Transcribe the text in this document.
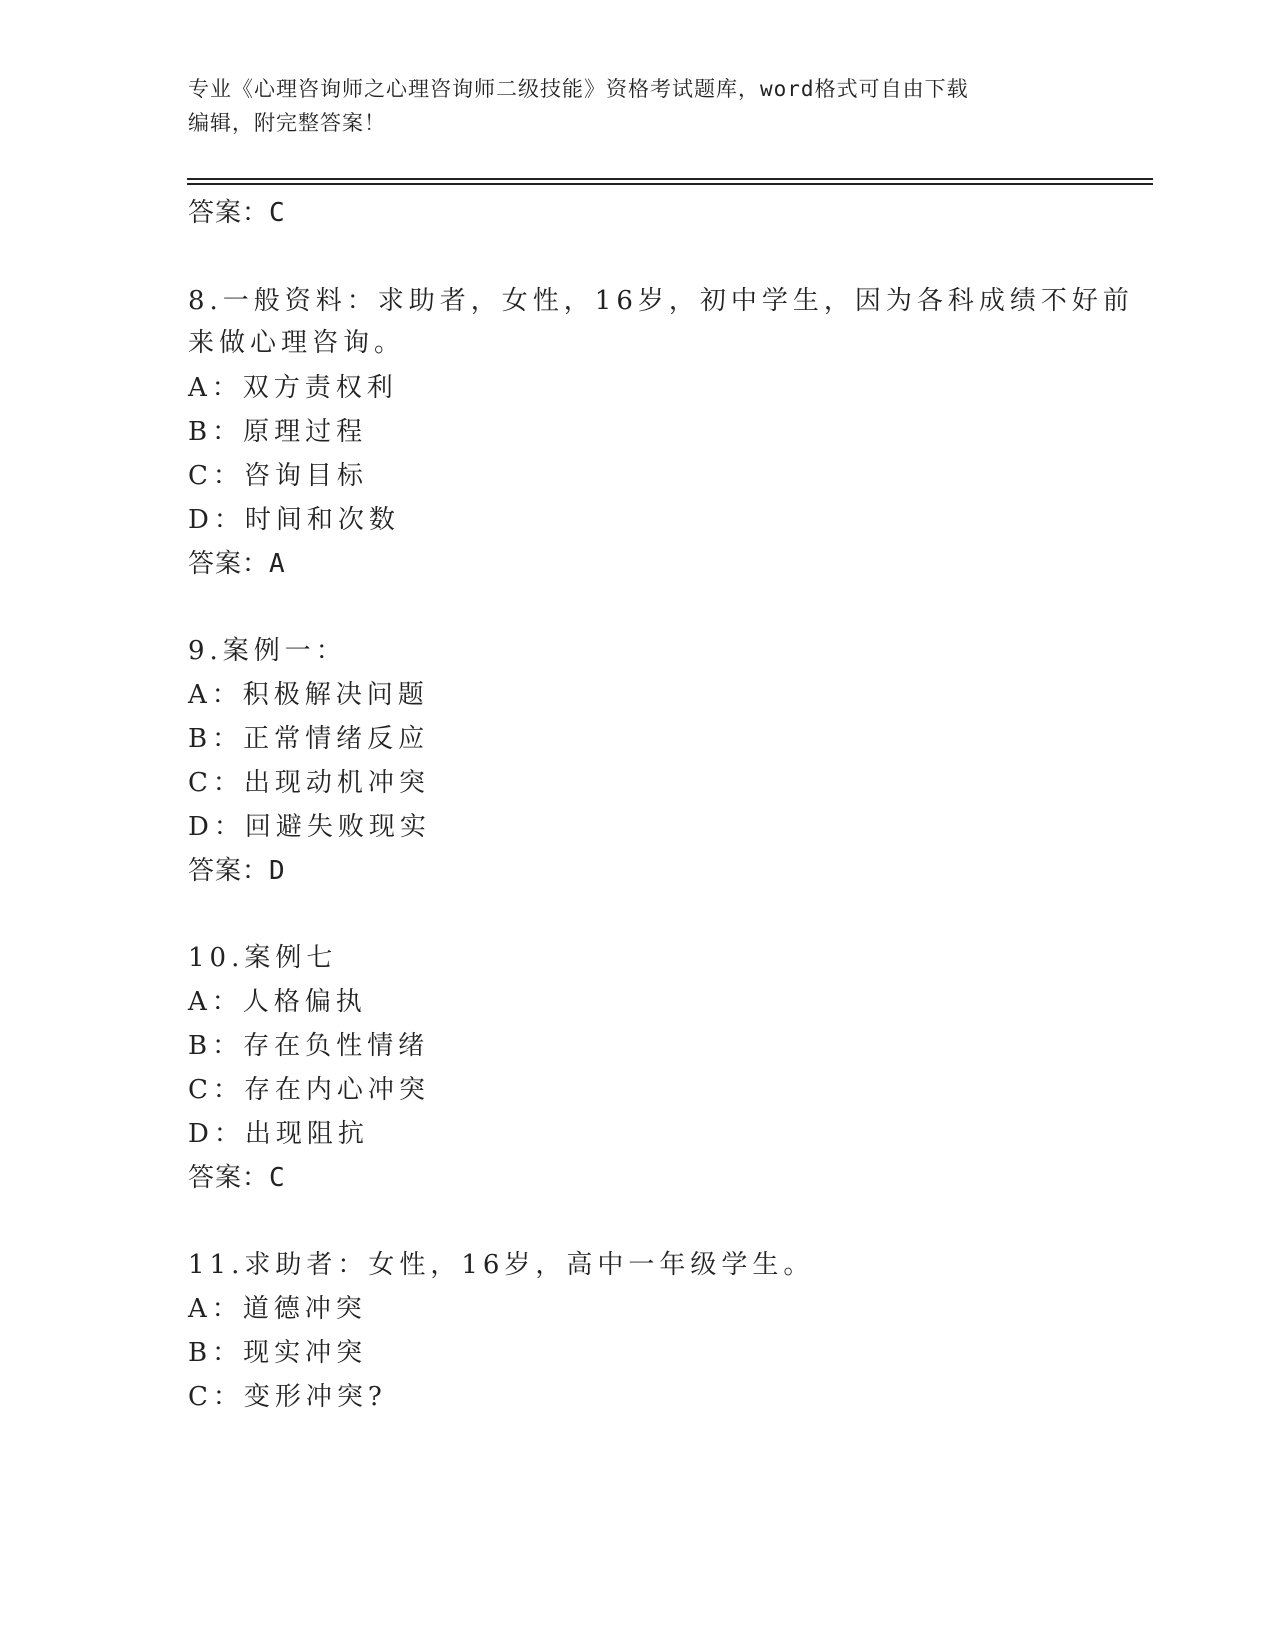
专业《心理咨询师之心理咨询师二级技能》资格考试题库，word格式可自由下载
编辑，附完整答案！
答案：C
8.一般资料：求助者，女性，16岁，初中学生，因为各科成绩不好前
来做心理咨询。
A：双方责权利
B：原理过程
C：咨询目标
D：时间和次数
答案：A
9.案例一：
A：积极解决问题
B：正常情绪反应
C：出现动机冲突
D：回避失败现实
答案：D
10.案例七
A：人格偏执
B：存在负性情绪
C：存在内心冲突
D：出现阻抗
答案：C
11.求助者：女性，16岁，高中一年级学生。
A：道德冲突
B：现实冲突
C：变形冲突?
